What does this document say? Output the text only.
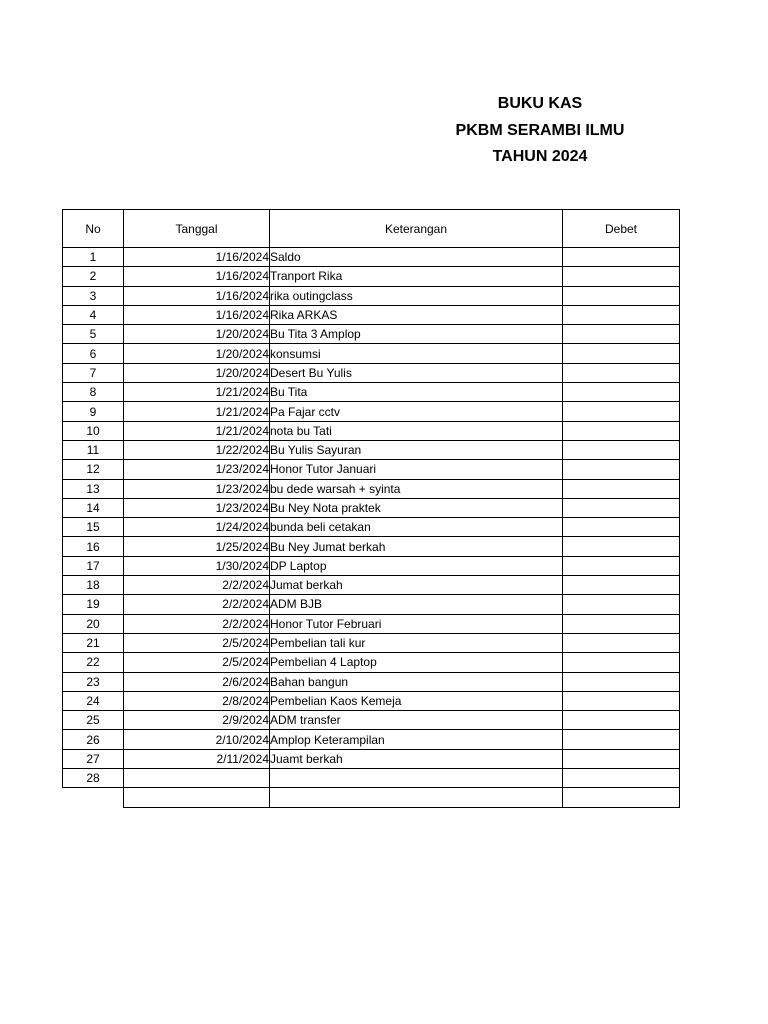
BUKU KAS
PKBM SERAMBI ILMU
TAHUN 2024
No	Tanggal	Keterangan	Debet
1	1/16/2024	Saldo	
2	1/16/2024	Tranport Rika	
3	1/16/2024	rika outingclass	
4	1/16/2024	Rika ARKAS	
5	1/20/2024	Bu Tita 3 Amplop	
6	1/20/2024	konsumsi	
7	1/20/2024	Desert Bu Yulis	
8	1/21/2024	Bu Tita	
9	1/21/2024	Pa Fajar cctv	
10	1/21/2024	nota bu Tati	
11	1/22/2024	Bu Yulis Sayuran	
12	1/23/2024	Honor Tutor Januari	
13	1/23/2024	bu dede warsah + syinta	
14	1/23/2024	Bu Ney Nota praktek	
15	1/24/2024	bunda beli cetakan	
16	1/25/2024	Bu Ney Jumat berkah	
17	1/30/2024	DP Laptop	
18	2/2/2024	Jumat berkah	
19	2/2/2024	ADM BJB	
20	2/2/2024	Honor Tutor Februari	
21	2/5/2024	Pembelian tali kur	
22	2/5/2024	Pembelian 4 Laptop	
23	2/6/2024	Bahan bangun	
24	2/8/2024	Pembelian Kaos Kemeja	
25	2/9/2024	ADM transfer	
26	2/10/2024	Amplop Keterampilan	
27	2/11/2024	Juamt berkah	
28			
